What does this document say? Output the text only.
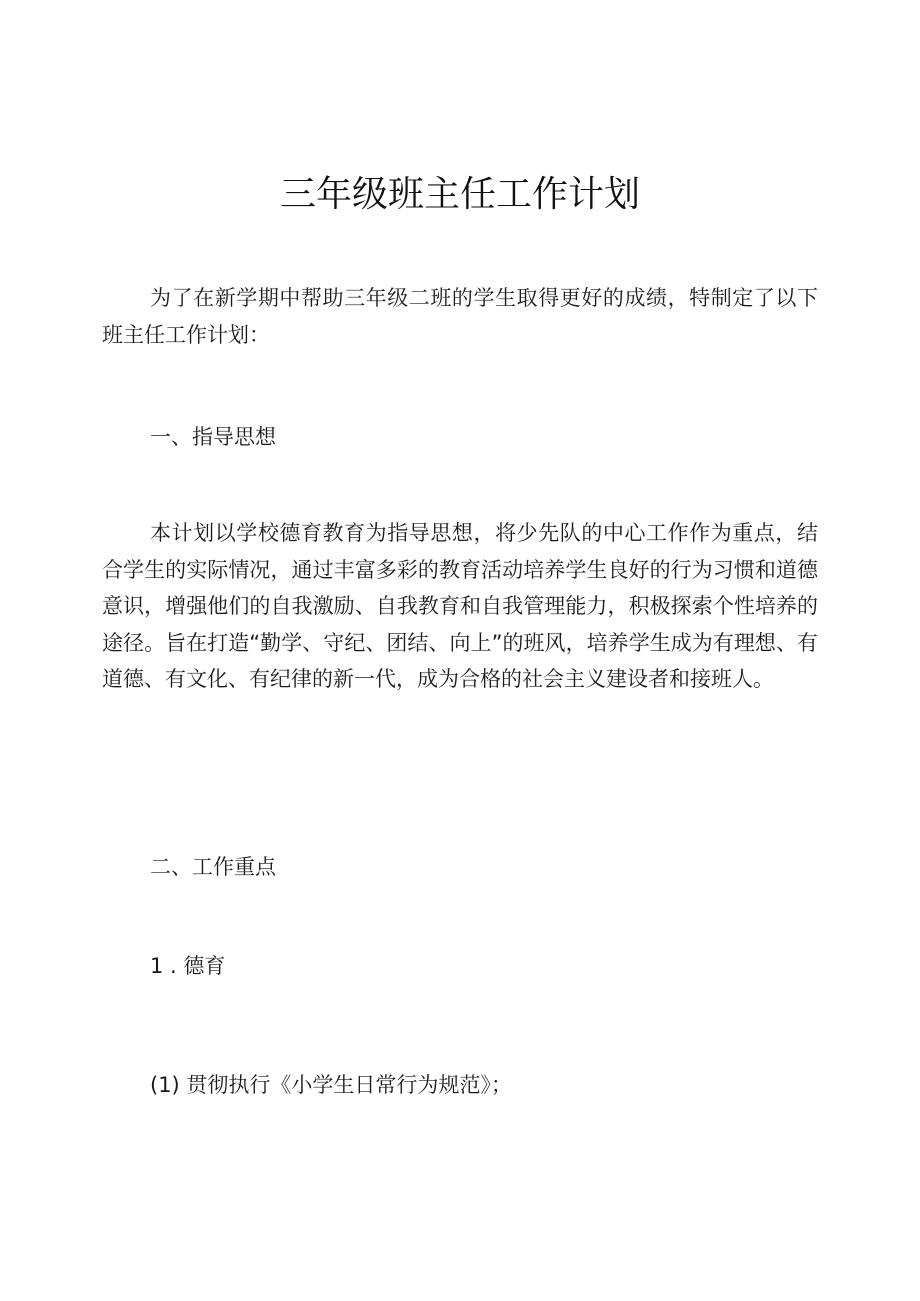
三年级班主任工作计划

为了在新学期中帮助三年级二班的学生取得更好的成绩，特制定了以下班主任工作计划：

一、指导思想

本计划以学校德育教育为指导思想，将少先队的中心工作作为重点，结合学生的实际情况，通过丰富多彩的教育活动培养学生良好的行为习惯和道德意识，增强他们的自我激励、自我教育和自我管理能力，积极探索个性培养的途径。旨在打造“勤学、守纪、团结、向上”的班风，培养学生成为有理想、有道德、有文化、有纪律的新一代，成为合格的社会主义建设者和接班人。

二、工作重点

1 . 德育

(1) 贯彻执行《小学生日常行为规范》；
